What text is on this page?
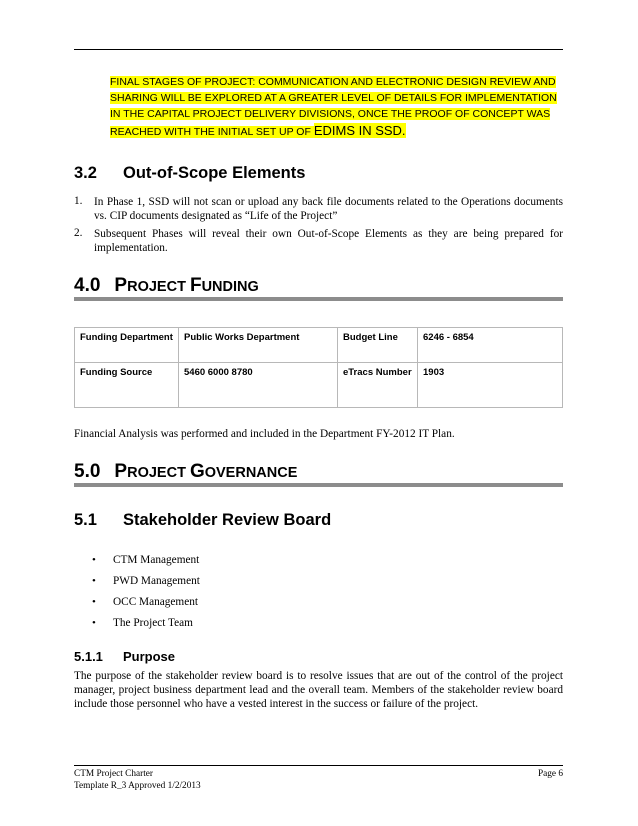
FINAL STAGES OF PROJECT: COMMUNICATION AND ELECTRONIC DESIGN REVIEW AND
SHARING WILL BE EXPLORED AT A GREATER LEVEL OF DETAILS FOR IMPLEMENTATION
IN THE CAPITAL PROJECT DELIVERY DIVISIONS, ONCE THE PROOF OF CONCEPT WAS
REACHED WITH THE INITIAL SET UP OF EDIMS IN SSD.
3.2 Out-of-Scope Elements
1. In Phase 1, SSD will not scan or upload any back file documents related to the Operations documents vs. CIP documents designated as “Life of the Project”
2. Subsequent Phases will reveal their own Out-of-Scope Elements as they are being prepared for implementation.
4.0 PROJECT FUNDING
Funding Department	Public Works Department	Budget Line	6246 - 6854
Funding Source	5460 6000 8780	eTracs Number	1903
Financial Analysis was performed and included in the Department FY-2012 IT Plan.
5.0 PROJECT GOVERNANCE
5.1 Stakeholder Review Board
• CTM Management
• PWD Management
• OCC Management
• The Project Team
5.1.1 Purpose
The purpose of the stakeholder review board is to resolve issues that are out of the control of the project manager, project business department lead and the overall team. Members of the stakeholder review board include those personnel who have a vested interest in the success or failure of the project.
CTM Project Charter
Template R_3 Approved 1/2/2013
Page 6
